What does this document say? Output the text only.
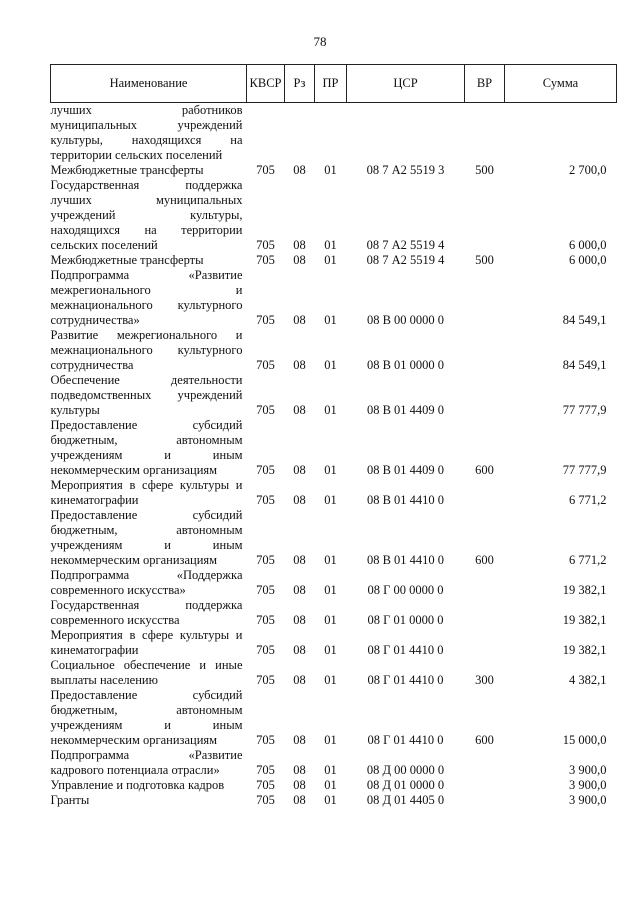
78
Наименование	КВСР	Рз	ПР	ЦСР	ВР	Сумма
лучших работников муниципальных учреждений культуры, находящихся на территории сельских поселений						
Межбюджетные трансферты	705	08	01	08 7 А2 5519 3	500	2 700,0
Государственная поддержка лучших муниципальных учреждений культуры, находящихся на территории сельских поселений	705	08	01	08 7 А2 5519 4		6 000,0
Межбюджетные трансферты	705	08	01	08 7 А2 5519 4	500	6 000,0
Подпрограмма «Развитие межрегионального и межнационального культурного сотрудничества»	705	08	01	08 В 00 0000 0		84 549,1
Развитие межрегионального и межнационального культурного сотрудничества	705	08	01	08 В 01 0000 0		84 549,1
Обеспечение деятельности подведомственных учреждений культуры	705	08	01	08 В 01 4409 0		77 777,9
Предоставление субсидий бюджетным, автономным учреждениям и иным некоммерческим организациям	705	08	01	08 В 01 4409 0	600	77 777,9
Мероприятия в сфере культуры и кинематографии	705	08	01	08 В 01 4410 0		6 771,2
Предоставление субсидий бюджетным, автономным учреждениям и иным некоммерческим организациям	705	08	01	08 В 01 4410 0	600	6 771,2
Подпрограмма «Поддержка современного искусства»	705	08	01	08 Г 00 0000 0		19 382,1
Государственная поддержка современного искусства	705	08	01	08 Г 01 0000 0		19 382,1
Мероприятия в сфере культуры и кинематографии	705	08	01	08 Г 01 4410 0		19 382,1
Социальное обеспечение и иные выплаты населению	705	08	01	08 Г 01 4410 0	300	4 382,1
Предоставление субсидий бюджетным, автономным учреждениям и иным некоммерческим организациям	705	08	01	08 Г 01 4410 0	600	15 000,0
Подпрограмма «Развитие кадрового потенциала отрасли»	705	08	01	08 Д 00 0000 0		3 900,0
Управление и подготовка кадров	705	08	01	08 Д 01 0000 0		3 900,0
Гранты	705	08	01	08 Д 01 4405 0		3 900,0
